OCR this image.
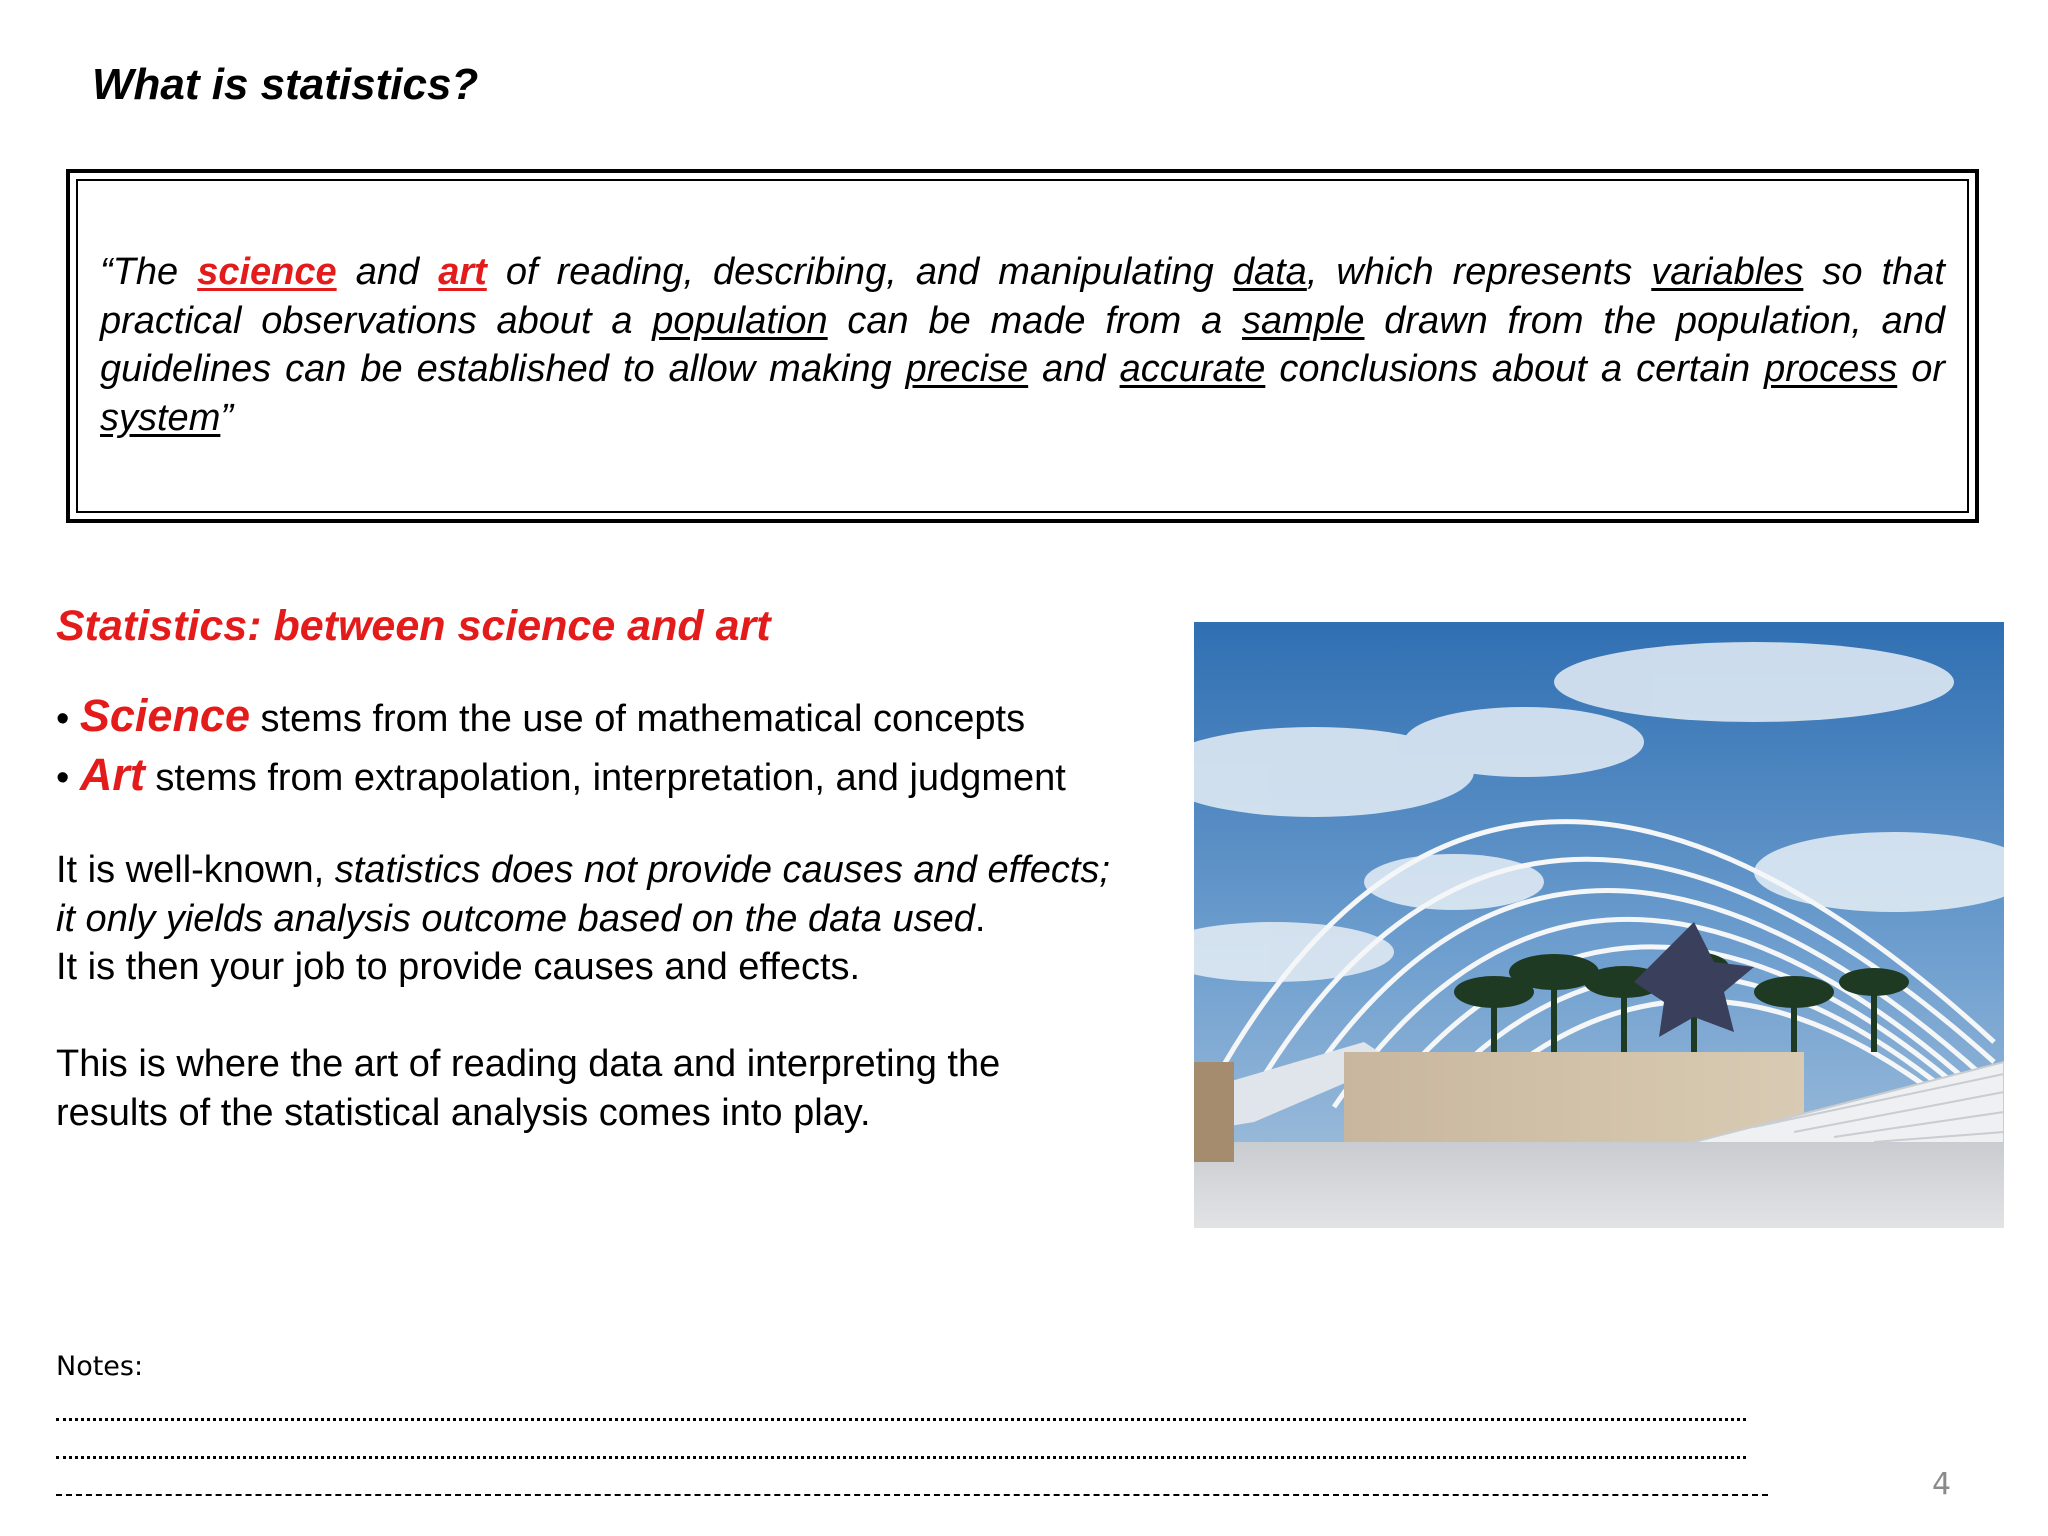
What is statistics?
“The science and art of reading, describing, and manipulating data, which represents variables so that practical observations about a population can be made from a sample drawn from the population, and guidelines can be established to allow making precise and accurate conclusions about a certain process or system”
Statistics: between science and art
• Science stems from the use of mathematical concepts
• Art stems from extrapolation, interpretation, and judgment
It is well-known, statistics does not provide causes and effects;
it only yields analysis outcome based on the data used.
It is then your job to provide causes and effects.
This is where the art of reading data and interpreting the
results of the statistical analysis comes into play.
Notes:
4
